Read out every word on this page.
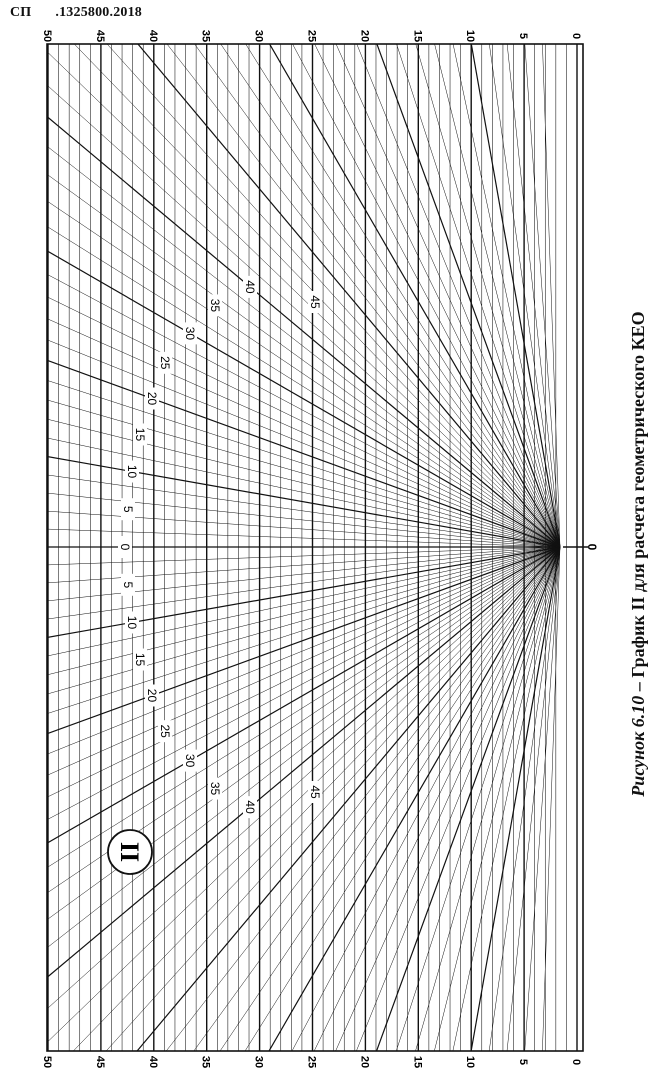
СП .1325800.2018
0
5
5
10
10
15
15
20
20
25
25
30
30
35
35
40
40
45
45
50
50
45
45
40
40
35
35
30
30
25
25
20
20
15
15
10
10
5
5
0
0
0
II
Рисунок 6.10 – График II для расчета геометрического КЕО
